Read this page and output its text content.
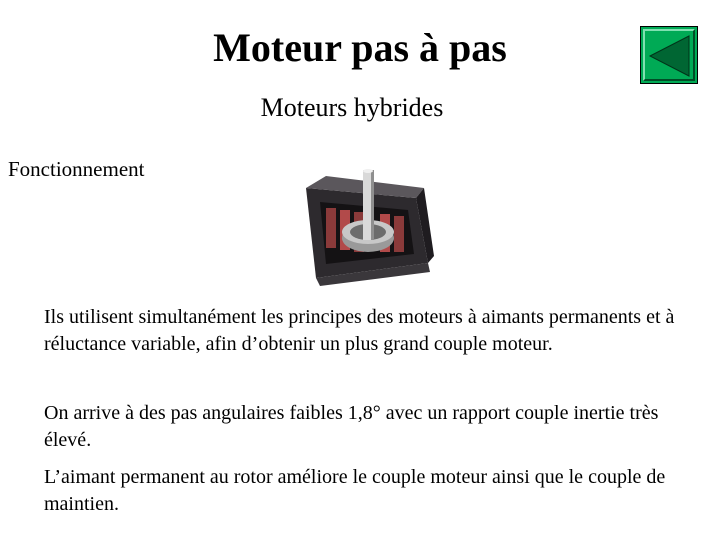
Moteur pas à pas
Moteurs hybrides
Fonctionnement
Ils utilisent simultanément les principes des moteurs à aimants permanents et à réluctance variable, afin d’obtenir un plus grand couple moteur.
On arrive à des pas angulaires faibles 1,8° avec un rapport couple inertie très élevé.
L’aimant permanent au rotor améliore le couple moteur ainsi que le couple de maintien.
